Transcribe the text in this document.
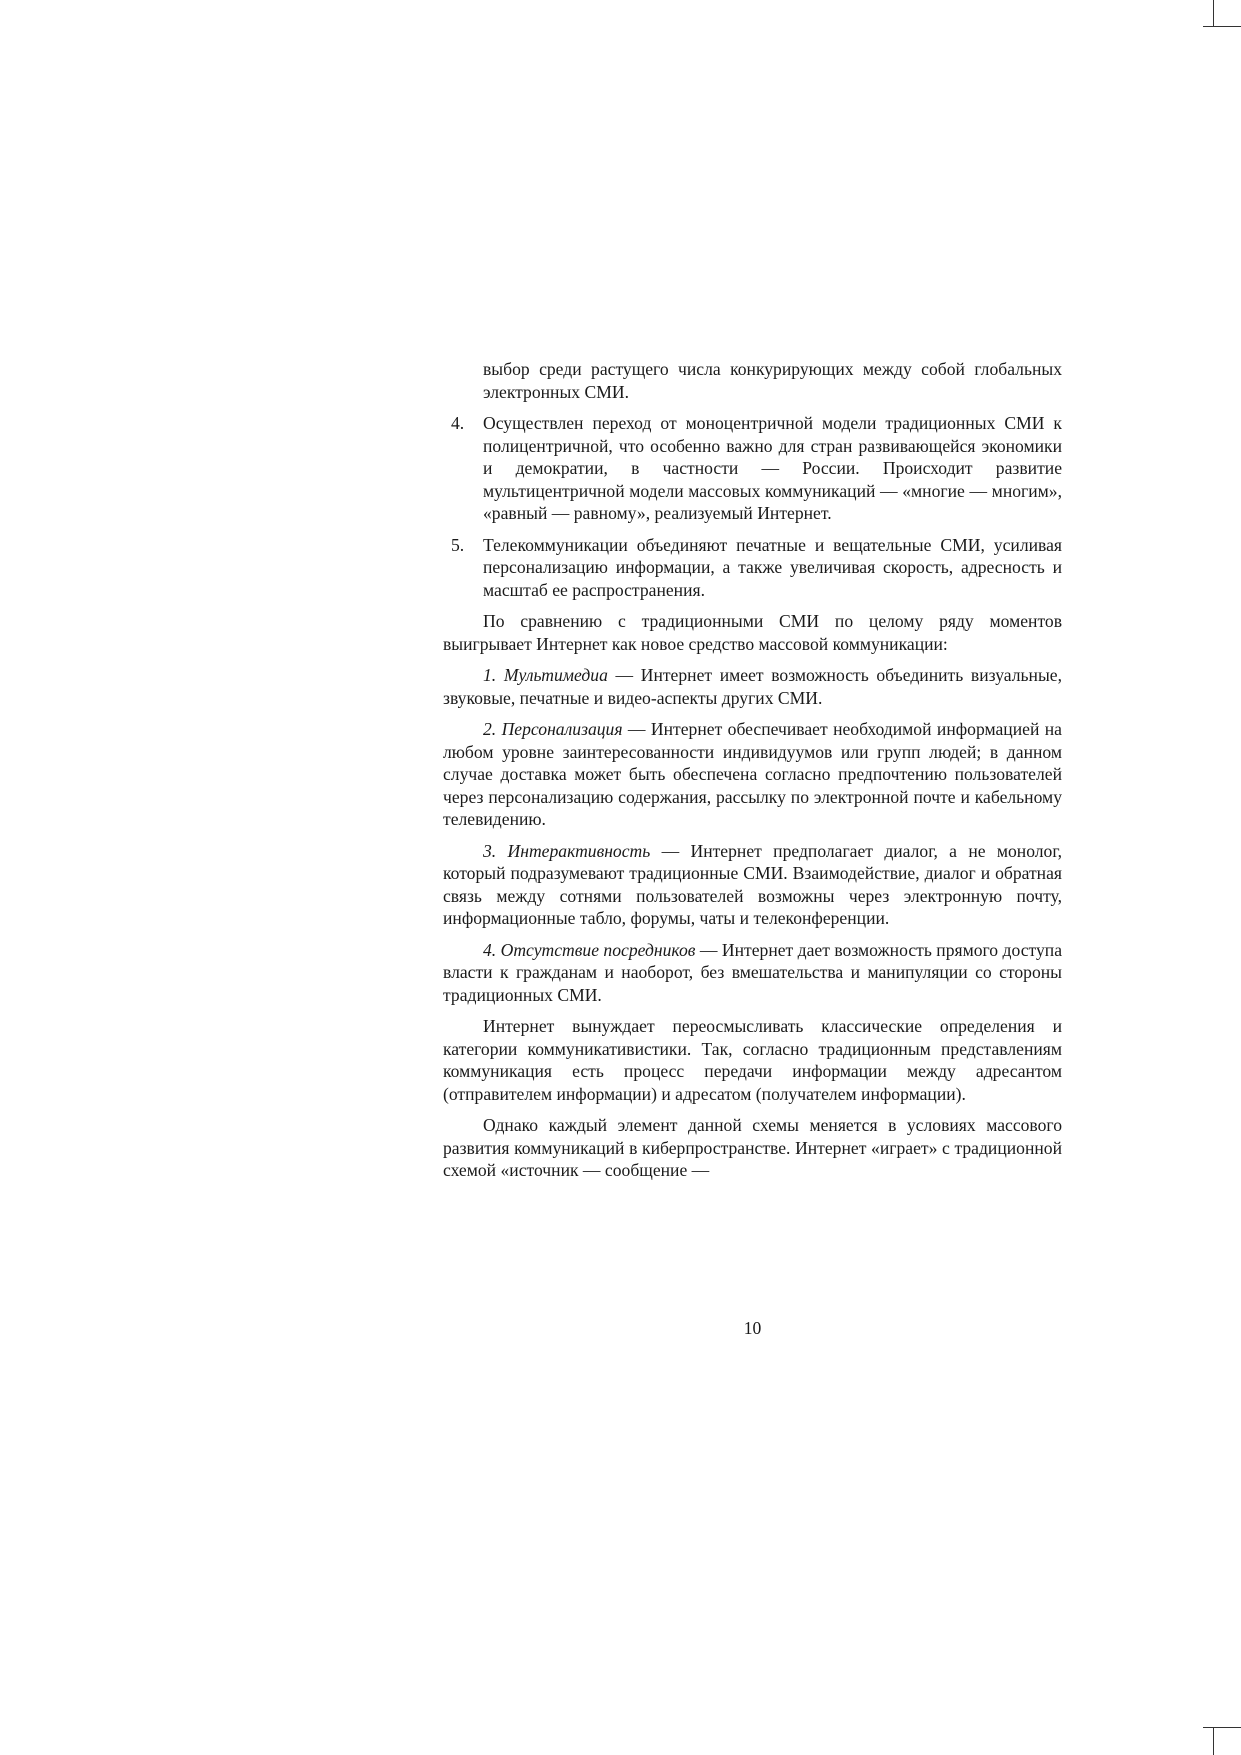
выбор среди растущего числа конкурирующих между собой глобальных электронных СМИ.

4.	Осуществлен переход от моноцентричной модели традиционных СМИ к полицентричной, что особенно важно для стран развивающейся экономики и демократии, в частности — России. Происходит развитие мультицентричной модели массовых коммуникаций — «многие — многим», «равный — равному», реализуемый Интернет.
5.	Телекоммуникации объединяют печатные и вещательные СМИ, усиливая персонализацию информации, а также увеличивая скорость, адресность и масштаб ее распространения.

По сравнению с традиционными СМИ по целому ряду моментов выигрывает Интернет как новое средство массовой коммуникации:

1. Мультимедиа — Интернет имеет возможность объединить визуальные, звуковые, печатные и видео-аспекты других СМИ.

2. Персонализация — Интернет обеспечивает необходимой информацией на любом уровне заинтересованности индивидуумов или групп людей; в данном случае доставка может быть обеспечена согласно предпочтению пользователей через персонализацию содержания, рассылку по электронной почте и кабельному телевидению.

3. Интерактивность — Интернет предполагает диалог, а не монолог, который подразумевают традиционные СМИ. Взаимодействие, диалог и обратная связь между сотнями пользователей возможны через электронную почту, информационные табло, форумы, чаты и телеконференции.

4. Отсутствие посредников — Интернет дает возможность прямого доступа власти к гражданам и наоборот, без вмешательства и манипуляции со стороны традиционных СМИ.

Интернет вынуждает переосмысливать классические определения и категории коммуникативистики. Так, согласно традиционным представлениям коммуникация есть процесс передачи информации между адресантом (отправителем информации) и адресатом (получателем информации).

Однако каждый элемент данной схемы меняется в условиях массового развития коммуникаций в киберпространстве. Интернет «играет» с традиционной схемой «источник — сообщение —

10
